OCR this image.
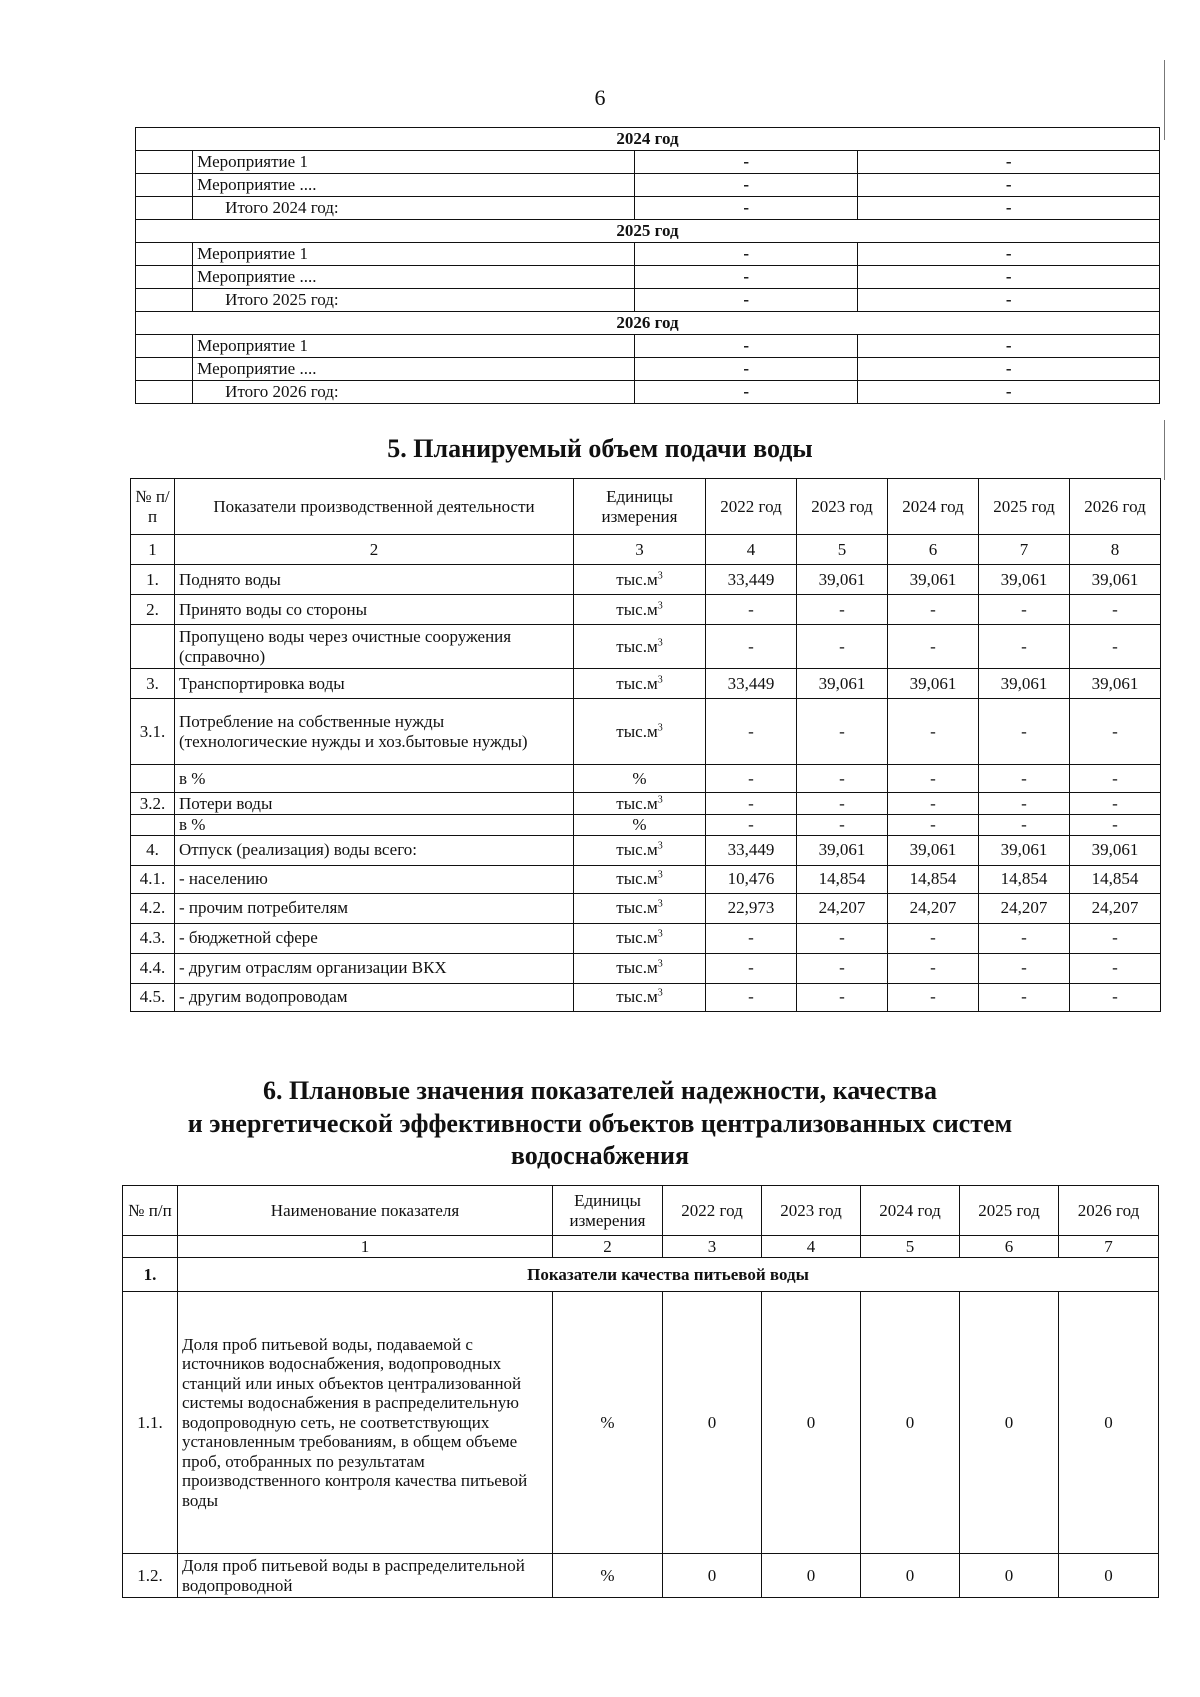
6
2024 год			
	Мероприятие 1	-	-
	Мероприятие ....	-	-
	Итого 2024 год:	-	-
2025 год			
	Мероприятие 1	-	-
	Мероприятие ....	-	-
	Итого 2025 год:	-	-
2026 год			
	Мероприятие 1	-	-
	Мероприятие ....	-	-
	Итого 2026 год:	-	-
5. Планируемый объем подачи воды
№ п/п	Показатели производственной деятельности	Единицы измерения	2022 год	2023 год	2024 год	2025 год	2026 год
1	2	3	4	5	6	7	8
1.	Поднято воды	$тыс.м^3$	33,449	39,061	39,061	39,061	39,061
2.	Принято воды со стороны	$тыс.м^3$	-	-	-	-	-
	Пропущено воды через очистные сооружения (справочно)	$тыс.м^3$	-	-	-	-	-
3.	Транспортировка воды	$тыс.м^3$	33,449	39,061	39,061	39,061	39,061
3.1.	Потребление на собственные нужды (технологические нужды и хоз.бытовые нужды)	$тыс.м^3$	-	-	-	-	-
	в %	%	-	-	-	-	-
3.2.	Потери воды	$тыс.м^3$	-	-	-	-	-
	в %	%	-	-	-	-	-
4.	Отпуск (реализация) воды всего:	$тыс.м^3$	33,449	39,061	39,061	39,061	39,061
4.1.	- населению	$тыс.м^3$	10,476	14,854	14,854	14,854	14,854
4.2.	- прочим потребителям	$тыс.м^3$	22,973	24,207	24,207	24,207	24,207
4.3.	- бюджетной сфере	$тыс.м^3$	-	-	-	-	-
4.4.	- другим отраслям организации ВКХ	$тыс.м^3$	-	-	-	-	-
4.5.	- другим водопроводам	$тыс.м^3$	-	-	-	-	-
6. Плановые значения показателей надежности, качества
и энергетической эффективности объектов централизованных систем
водоснабжения
№ п/п	Наименование показателя	Единицы измерения	2022 год	2023 год	2024 год	2025 год	2026 год
	1	2	3	4	5	6	7
1.	Показатели качества питьевой воды						
1.1.	Доля проб питьевой воды, подаваемой с источников водоснабжения, водопроводных станций или иных объектов централизованной системы водоснабжения в распределительную водопроводную сеть, не соответствующих установленным требованиям, в общем объеме проб, отобранных по результатам производственного контроля качества питьевой воды	%	0	0	0	0	0
1.2.	Доля проб питьевой воды в распределительной водопроводной	%	0	0	0	0	0
